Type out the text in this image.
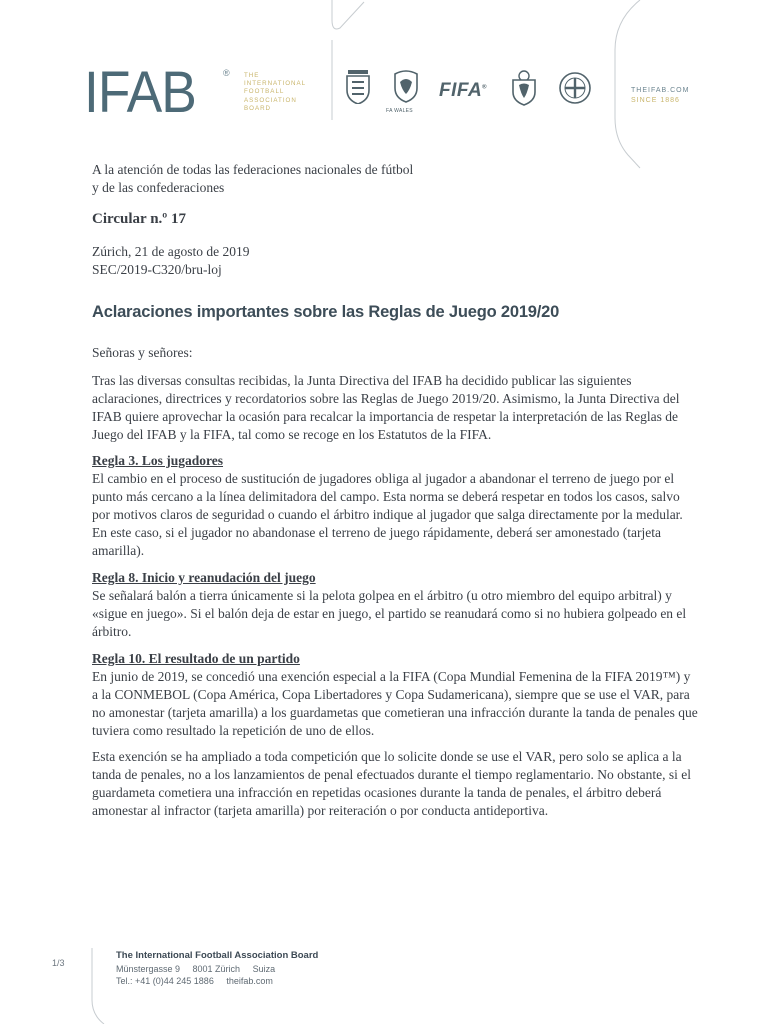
IFAB	® THE
INTERNATIONAL
FOOTBALL
ASSOCIATION
BOARD	FA WALES
FIFA®	THEIFAB.COM
SINCE 1886

A la atención de todas las federaciones nacionales de fútbol

y de las confederaciones

Circular n.º 17

Zúrich, 21 de agosto de 2019

SEC/2019-C320/bru-loj

Aclaraciones importantes sobre las Reglas de Juego 2019/20

Señoras y señores:

Tras las diversas consultas recibidas, la Junta Directiva del IFAB ha decidido publicar las siguientes aclaraciones, directrices y recordatorios sobre las Reglas de Juego 2019/20. Asimismo, la Junta Directiva del IFAB quiere aprovechar la ocasión para recalcar la importancia de respetar la interpretación de las Reglas de Juego del IFAB y la FIFA, tal como se recoge en los Estatutos de la FIFA.

Regla 3. Los jugadores

El cambio en el proceso de sustitución de jugadores obliga al jugador a abandonar el terreno de juego por el punto más cercano a la línea delimitadora del campo. Esta norma se deberá respetar en todos los casos, salvo por motivos claros de seguridad o cuando el árbitro indique al jugador que salga directamente por la medular. En este caso, si el jugador no abandonase el terreno de juego rápidamente, deberá ser amonestado (tarjeta amarilla).

Regla 8. Inicio y reanudación del juego

Se señalará balón a tierra únicamente si la pelota golpea en el árbitro (u otro miembro del equipo arbitral) y «sigue en juego». Si el balón deja de estar en juego, el partido se reanudará como si no hubiera golpeado en el árbitro.

Regla 10. El resultado de un partido

En junio de 2019, se concedió una exención especial a la FIFA (Copa Mundial Femenina de la FIFA 2019™) y a la CONMEBOL (Copa América, Copa Libertadores y Copa Sudamericana), siempre que se use el VAR, para no amonestar (tarjeta amarilla) a los guardametas que cometieran una infracción durante la tanda de penales que tuviera como resultado la repetición de uno de ellos.

Esta exención se ha ampliado a toda competición que lo solicite donde se use el VAR, pero solo se aplica a la tanda de penales, no a los lanzamientos de penal efectuados durante el tiempo reglamentario. No obstante, si el guardameta cometiera una infracción en repetidas ocasiones durante la tanda de penales, el árbitro deberá amonestar al infractor (tarjeta amarilla) por reiteración o por conducta antideportiva.

1/3
The International Football Association Board
Münstergasse 9     8001 Zürich     Suiza
Tel.: +41 (0)44 245 1886     theifab.com
